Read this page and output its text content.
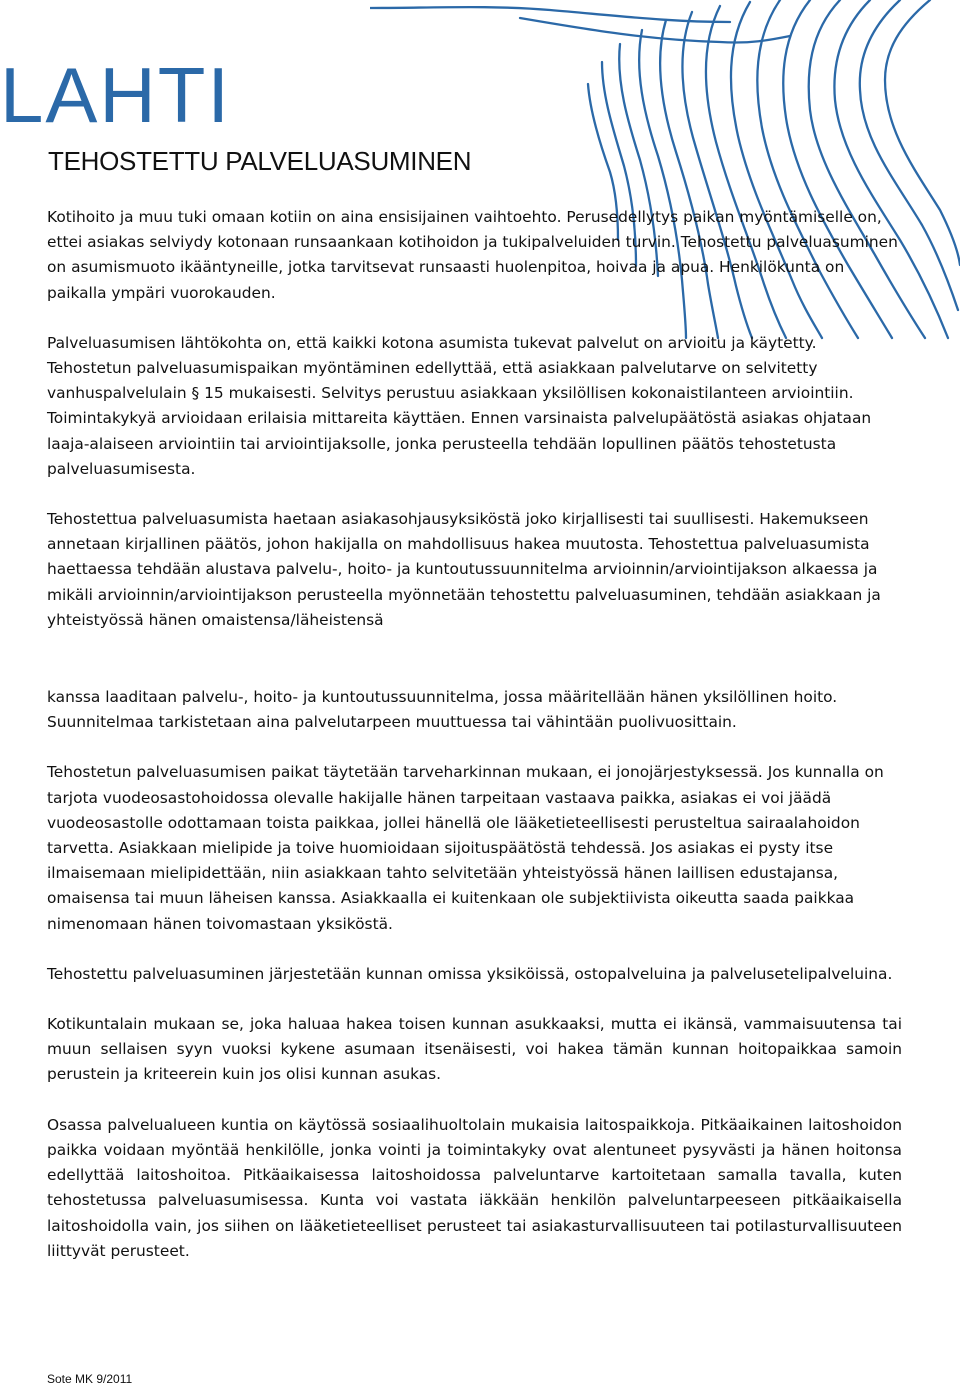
LAHTI
TEHOSTETTU PALVELUASUMINEN

Kotihoito ja muu tuki omaan kotiin on aina ensisijainen vaihtoehto. Perusedellytys paikan myöntämiselle on, ettei asiakas selviydy kotonaan runsaankaan kotihoidon ja tukipalveluiden turvin. Tehostettu palveluasuminen on asumismuoto ikääntyneille, jotka tarvitsevat runsaasti huolenpitoa, hoivaa ja apua. Henkilökunta on paikalla ympäri vuorokauden.

Palveluasumisen lähtökohta on, että kaikki kotona asumista tukevat palvelut on arvioitu ja käytetty. Tehostetun palveluasumispaikan myöntäminen edellyttää, että asiakkaan palvelutarve on selvitetty vanhuspalvelulain § 15 mukaisesti. Selvitys perustuu asiakkaan yksilöllisen kokonaistilanteen arviointiin. Toimintakykyä arvioidaan erilaisia mittareita käyttäen. Ennen varsinaista palvelupäätöstä asiakas ohjataan laaja-alaiseen arviointiin tai arviointijaksolle, jonka perusteella tehdään lopullinen päätös tehostetusta palveluasumisesta.

Tehostettua palveluasumista haetaan asiakasohjausyksiköstä joko kirjallisesti tai suullisesti. Hakemukseen annetaan kirjallinen päätös, johon hakijalla on mahdollisuus hakea muutosta. Tehostettua palveluasumista haettaessa tehdään alustava palvelu-, hoito- ja kuntoutussuunnitelma arvioinnin/arviointijakson alkaessa ja mikäli arvioinnin/arviointijakson perusteella myönnetään tehostettu palveluasuminen, tehdään asiakkaan ja yhteistyössä hänen omaistensa/läheistensä

kanssa laaditaan palvelu-, hoito- ja kuntoutussuunnitelma, jossa määritellään hänen yksilöllinen hoito. Suunnitelmaa tarkistetaan aina palvelutarpeen muuttuessa tai vähintään puolivuosittain.

Tehostetun palveluasumisen paikat täytetään tarveharkinnan mukaan, ei jonojärjestyksessä. Jos kunnalla on tarjota vuodeosastohoidossa olevalle hakijalle hänen tarpeitaan vastaava paikka, asiakas ei voi jäädä vuodeosastolle odottamaan toista paikkaa, jollei hänellä ole lääketieteellisesti perusteltua sairaalahoidon tarvetta. Asiakkaan mielipide ja toive huomioidaan sijoituspäätöstä tehdessä. Jos asiakas ei pysty itse ilmaisemaan mielipidettään, niin asiakkaan tahto selvitetään yhteistyössä hänen laillisen edustajansa, omaisensa tai muun läheisen kanssa. Asiakkaalla ei kuitenkaan ole subjektiivista oikeutta saada paikkaa nimenomaan hänen toivomastaan yksiköstä.

Tehostettu palveluasuminen järjestetään kunnan omissa yksiköissä, ostopalveluina ja palvelusetelipalveluina.

Kotikuntalain mukaan se, joka haluaa hakea toisen kunnan asukkaaksi, mutta ei ikänsä, vammaisuutensa tai muun sellaisen syyn vuoksi kykene asumaan itsenäisesti, voi hakea tämän kunnan hoitopaikkaa samoin perustein ja kriteerein kuin jos olisi kunnan asukas.

Osassa palvelualueen kuntia on käytössä sosiaalihuoltolain mukaisia laitospaikkoja. Pitkäaikainen laitoshoidon paikka voidaan myöntää henkilölle, jonka vointi ja toimintakyky ovat alentuneet pysyvästi ja hänen hoitonsa edellyttää laitoshoitoa. Pitkäaikaisessa laitoshoidossa palveluntarve kartoitetaan samalla tavalla, kuten tehostetussa palveluasumisessa. Kunta voi vastata iäkkään henkilön palveluntarpeeseen pitkäaikaisella laitoshoidolla vain, jos siihen on lääketieteelliset perusteet tai asiakasturvallisuuteen tai potilasturvallisuuteen liittyvät perusteet.

Sote MK 9/2011
